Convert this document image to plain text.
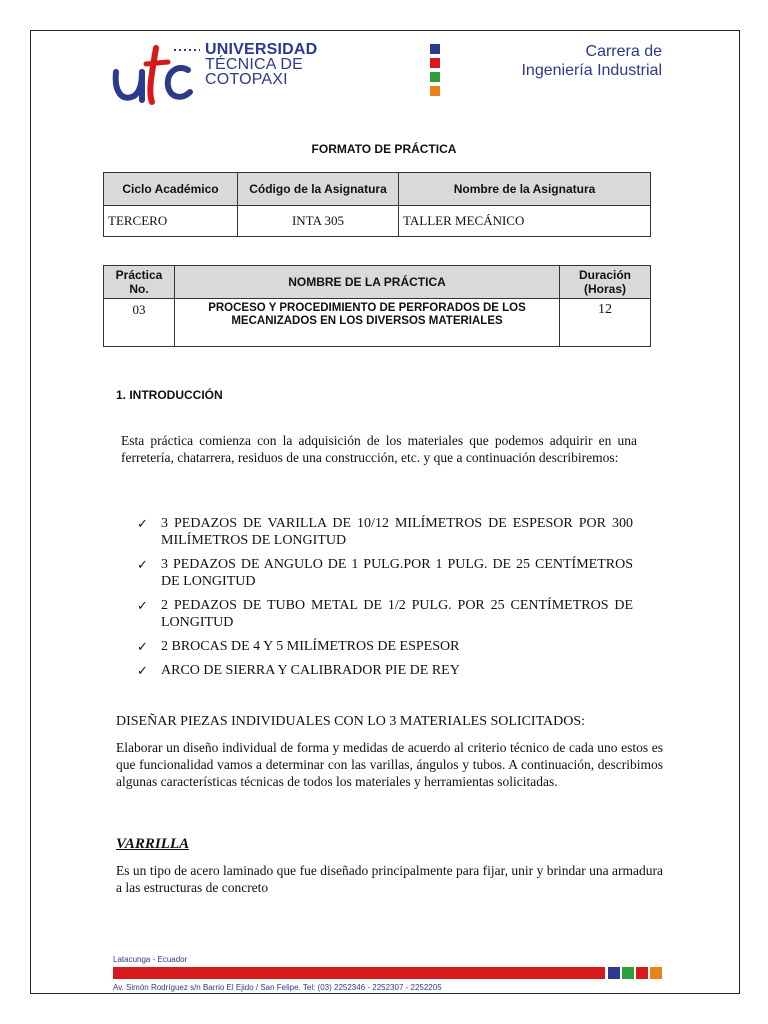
UNIVERSIDAD
TÉCNICA DE
COTOPAXI
Carrera de
Ingeniería Industrial
FORMATO DE PRÁCTICA
Ciclo Académico	Código de la Asignatura	Nombre de la Asignatura
TERCERO	INTA 305	TALLER MECÁNICO
Práctica No.	NOMBRE DE LA PRÁCTICA	Duración (Horas)
03	PROCESO Y PROCEDIMIENTO DE PERFORADOS DE LOS MECANIZADOS EN LOS DIVERSOS MATERIALES	12
1. INTRODUCCIÓN
Esta práctica comienza con la adquisición de los materiales que podemos adquirir en una ferretería, chatarrera, residuos de una construcción, etc. y que a continuación describiremos:
✓ 3 PEDAZOS DE VARILLA DE 10/12 MILÍMETROS DE ESPESOR POR 300 MILÍMETROS DE LONGITUD
✓ 3 PEDAZOS DE ANGULO DE 1 PULG.POR 1 PULG. DE 25 CENTÍMETROS DE LONGITUD
✓ 2 PEDAZOS DE TUBO METAL DE 1/2 PULG. POR 25 CENTÍMETROS DE LONGITUD
✓ 2 BROCAS DE 4 Y 5 MILÍMETROS DE ESPESOR
✓ ARCO DE SIERRA Y CALIBRADOR PIE DE REY
DISEÑAR PIEZAS INDIVIDUALES CON LO 3 MATERIALES SOLICITADOS:
Elaborar un diseño individual de forma y medidas de acuerdo al criterio técnico de cada uno estos es que funcionalidad vamos a determinar con las varillas, ángulos y tubos. A continuación, describimos algunas características técnicas de todos los materiales y herramientas solicitadas.
VARRILLA
Es un tipo de acero laminado que fue diseñado principalmente para fijar, unir y brindar una armadura a las estructuras de concreto
Latacunga - Ecuador
Av. Simón Rodríguez s/n Barrio El Ejido / San Felipe. Tel: (03) 2252346 - 2252307 - 2252205
